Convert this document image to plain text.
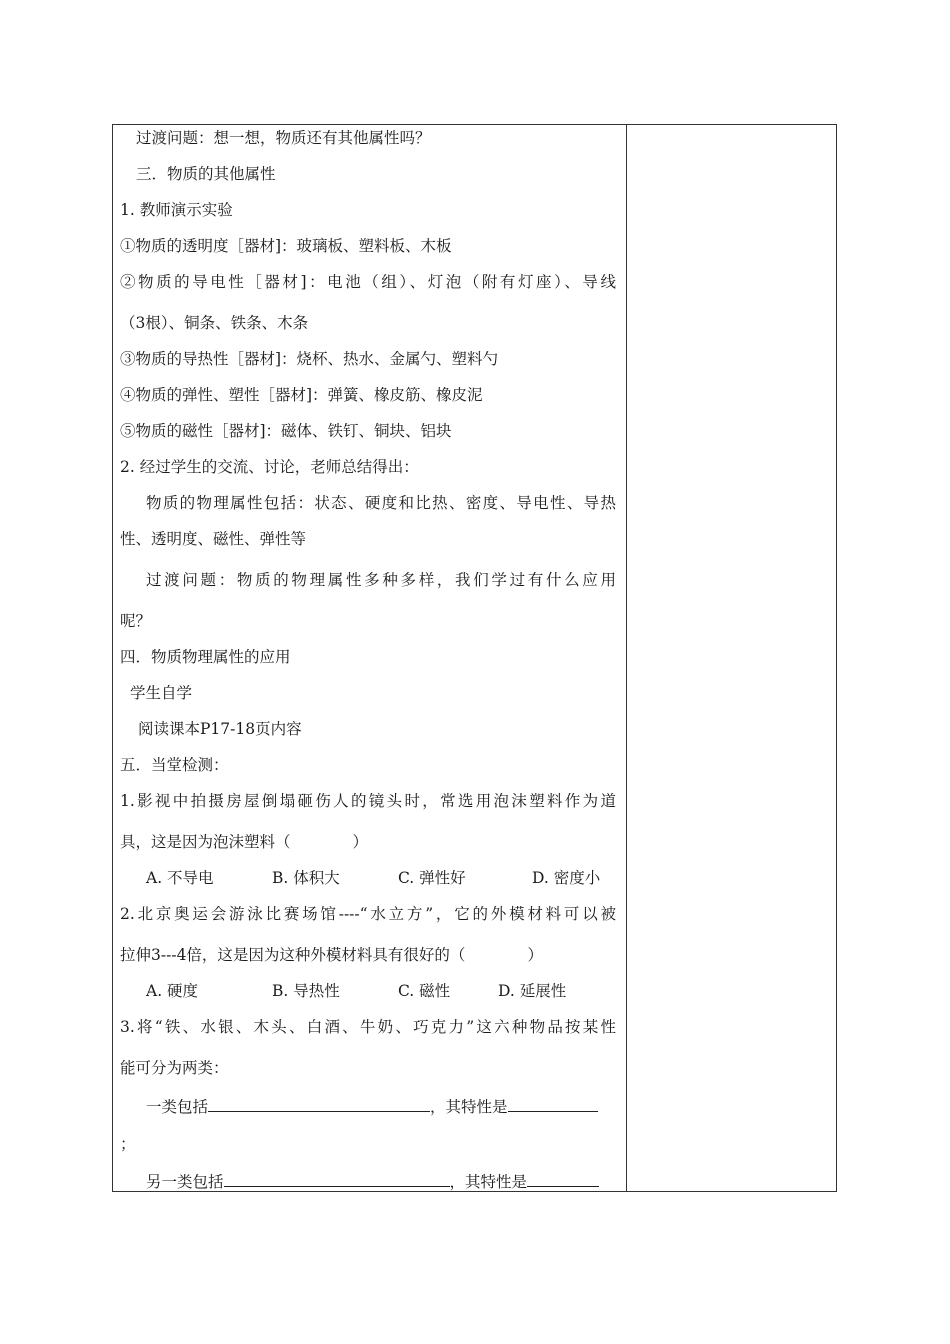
过渡问题：想一想，物质还有其他属性吗？
三．物质的其他属性
1. 教师演示实验
①物质的透明度［器材]：玻璃板、塑料板、木板
②物质的导电性［器材]：电池（组）、灯泡（附有灯座）、导线
（3根）、铜条、铁条、木条
③物质的导热性［器材]：烧杯、热水、金属勺、塑料勺
④物质的弹性、塑性［器材]：弹簧、橡皮筋、橡皮泥
⑤物质的磁性［器材]：磁体、铁钉、铜块、铝块
2. 经过学生的交流、讨论，老师总结得出：
物质的物理属性包括：状态、硬度和比热、密度、导电性、导热
性、透明度、磁性、弹性等
过渡问题：物质的物理属性多种多样，我们学过有什么应用
呢？
四．物质物理属性的应用
学生自学
阅读课本P17-18页内容
五．当堂检测：
1.影视中拍摄房屋倒塌砸伤人的镜头时，常选用泡沫塑料作为道
具，这是因为泡沫塑料（	）
A. 不导电	B. 体积大	C. 弹性好	D. 密度小
2.北京奥运会游泳比赛场馆----“水立方”，它的外模材料可以被
拉伸3---4倍，这是因为这种外模材料具有很好的（	）
A. 硬度	B. 导热性	C. 磁性	D. 延展性
3.将“铁、水银、木头、白酒、牛奶、巧克力”这六种物品按某性
能可分为两类：
一类包括	，其特性是
；
另一类包括	，其特性是
